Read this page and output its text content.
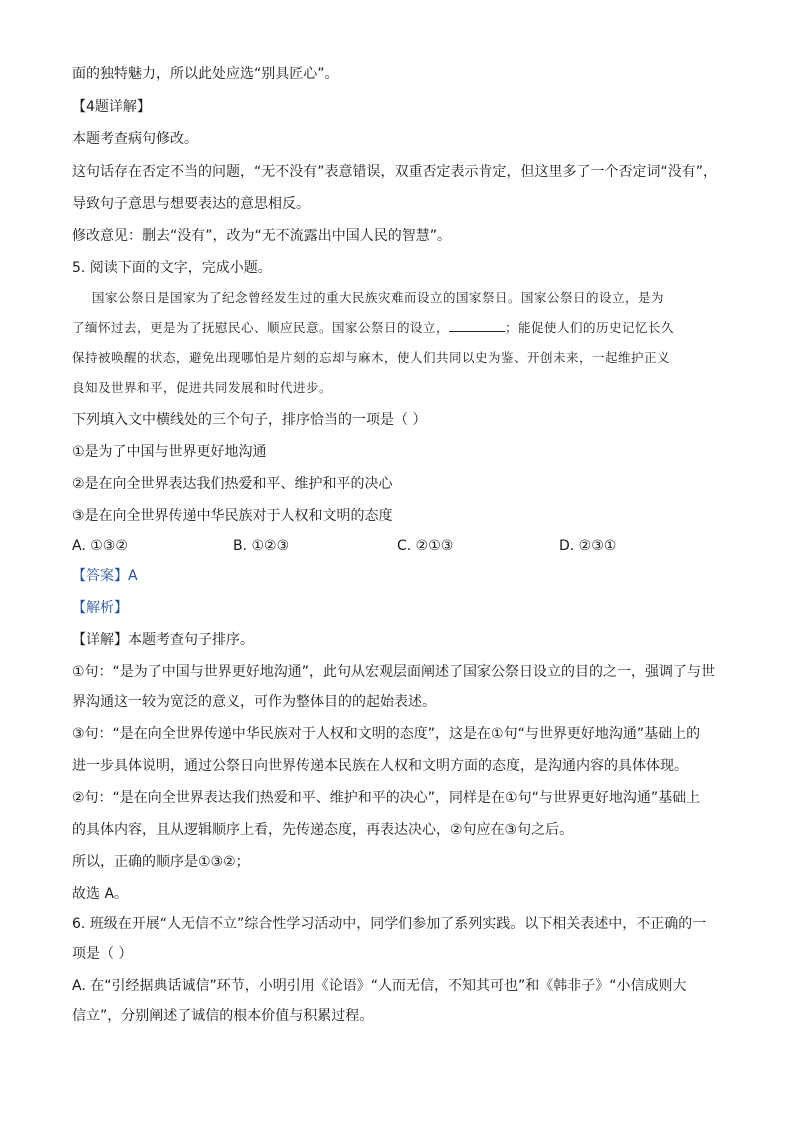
面的独特魅力，所以此处应选“别具匠心”。
【4题详解】
本题考查病句修改。
这句话存在否定不当的问题，“无不没有”表意错误，双重否定表示肯定，但这里多了一个否定词“没有”，
导致句子意思与想要表达的意思相反。
修改意见：删去“没有”，改为“无不流露出中国人民的智慧”。
5. 阅读下面的文字，完成小题。
国家公祭日是国家为了纪念曾经发生过的重大民族灾难而设立的国家祭日。国家公祭日的设立，是为
了缅怀过去，更是为了抚慰民心、顺应民意。国家公祭日的设立，	；能促使人们的历史记忆长久
保持被唤醒的状态，避免出现哪怕是片刻的忘却与麻木，使人们共同以史为鉴、开创未来，一起维护正义
良知及世界和平，促进共同发展和时代进步。
下列填入文中横线处的三个句子，排序恰当的一项是（ ）
①是为了中国与世界更好地沟通
②是在向全世界表达我们热爱和平、维护和平的决心
③是在向全世界传递中华民族对于人权和文明的态度
A. ①③②	B. ①②③	C. ②①③	D. ②③①
【答案】A
【解析】
【详解】本题考查句子排序。
①句：“是为了中国与世界更好地沟通”，此句从宏观层面阐述了国家公祭日设立的目的之一，强调了与世
界沟通这一较为宽泛的意义，可作为整体目的的起始表述。
③句：“是在向全世界传递中华民族对于人权和文明的态度”，这是在①句“与世界更好地沟通”基础上的
进一步具体说明，通过公祭日向世界传递本民族在人权和文明方面的态度，是沟通内容的具体体现。
②句：“是在向全世界表达我们热爱和平、维护和平的决心”，同样是在①句“与世界更好地沟通”基础上
的具体内容，且从逻辑顺序上看，先传递态度，再表达决心，②句应在③句之后。
所以，正确的顺序是①③②；
故选 A。
6. 班级在开展“人无信不立”综合性学习活动中，同学们参加了系列实践。以下相关表述中，不正确的一
项是（ ）
A. 在“引经据典话诚信”环节，小明引用《论语》“人而无信，不知其可也”和《韩非子》“小信成则大
信立”，分别阐述了诚信的根本价值与积累过程。
